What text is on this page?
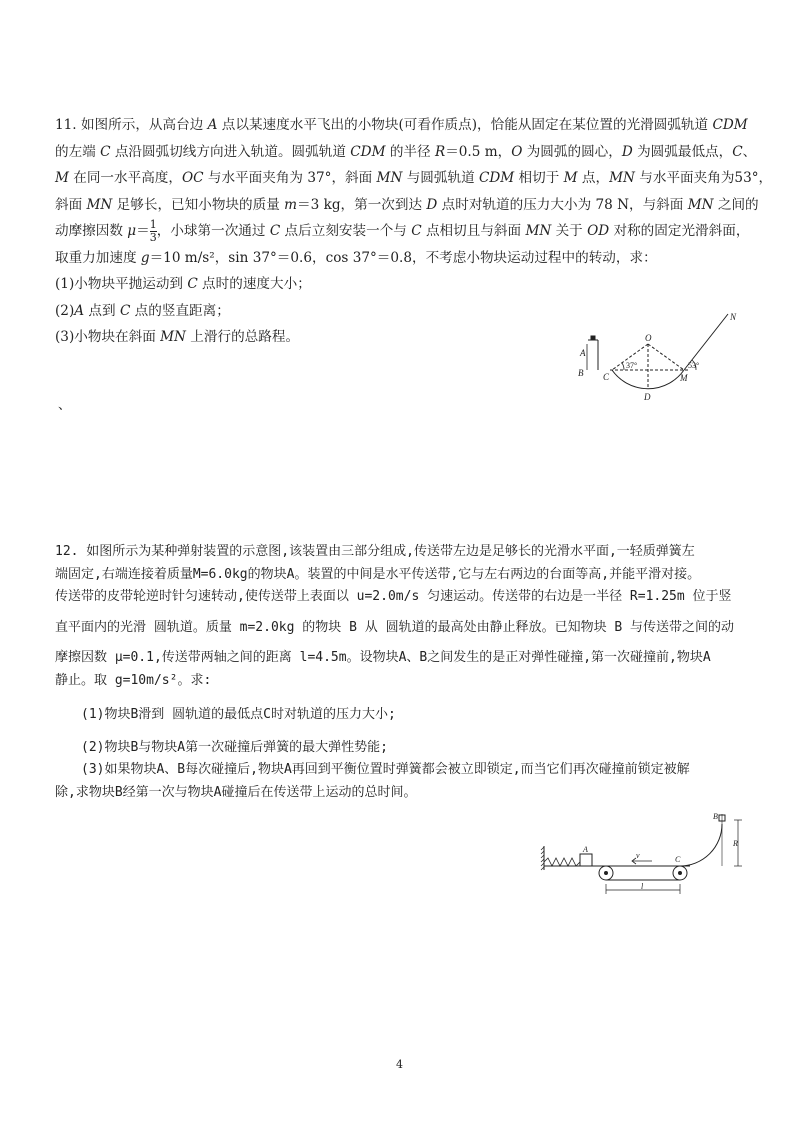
11. 如图所示，从高台边 A 点以某速度水平飞出的小物块(可看作质点)，恰能从固定在某位置的光滑圆弧轨道 CDM

的左端 C 点沿圆弧切线方向进入轨道。圆弧轨道 CDM 的半径 R＝0.5 m，O 为圆弧的圆心，D 为圆弧最低点，C、

M 在同一水平高度，OC 与水平面夹角为 37°，斜面 MN 与圆弧轨道 CDM 相切于 M 点，MN 与水平面夹角为53°，

斜面 MN 足够长，已知小物块的质量 m＝3 kg，第一次到达 D 点时对轨道的压力大小为 78 N，与斜面 MN 之间的

动摩擦因数 $\mu= \frac{1}{3}$ ，小球第一次通过 C 点后立刻安装一个与 C 点相切且与斜面 MN 关于 OD 对称的固定光滑斜面，

取重力加速度 g＝10 m/s²，sin 37°＝0.6，cos 37°＝0.8，不考虑小物块运动过程中的转动，求：

(1)小物块平抛运动到 C 点时的速度大小；

(2)A 点到 C 点的竖直距离；

(3)小物块在斜面 MN 上滑行的总路程。

、
N
O
A
B C	M
D
37°	53°

12. 如图所示为某种弹射装置的示意图,该装置由三部分组成,传送带左边是足够长的光滑水平面,一轻质弹簧左

端固定,右端连接着质量M=6.0kg的物块A。装置的中间是水平传送带,它与左右两边的台面等高,并能平滑对接。

传送带的皮带轮逆时针匀速转动,使传送带上表面以 u=2.0m/s 匀速运动。传送带的右边是一半径 R=1.25m 位于竖

直平面内的光滑 圆轨道。质量 m=2.0kg 的物块 B 从 圆轨道的最高处由静止释放。已知物块 B 与传送带之间的动

摩擦因数 μ=0.1,传送带两轴之间的距离 l=4.5m。设物块A、B之间发生的是正对弹性碰撞,第一次碰撞前,物块A

静止。取 g=10m/s²。求:

(1)物块B滑到 圆轨道的最低点C时对轨道的压力大小;

(2)物块B与物块A第一次碰撞后弹簧的最大弹性势能;

(3)如果物块A、B每次碰撞后,物块A再回到平衡位置时弹簧都会被立即锁定,而当它们再次碰撞前锁定被解

除,求物块B经第一次与物块A碰撞后在传送带上运动的总时间。

A
v	C
B
R
l
4
